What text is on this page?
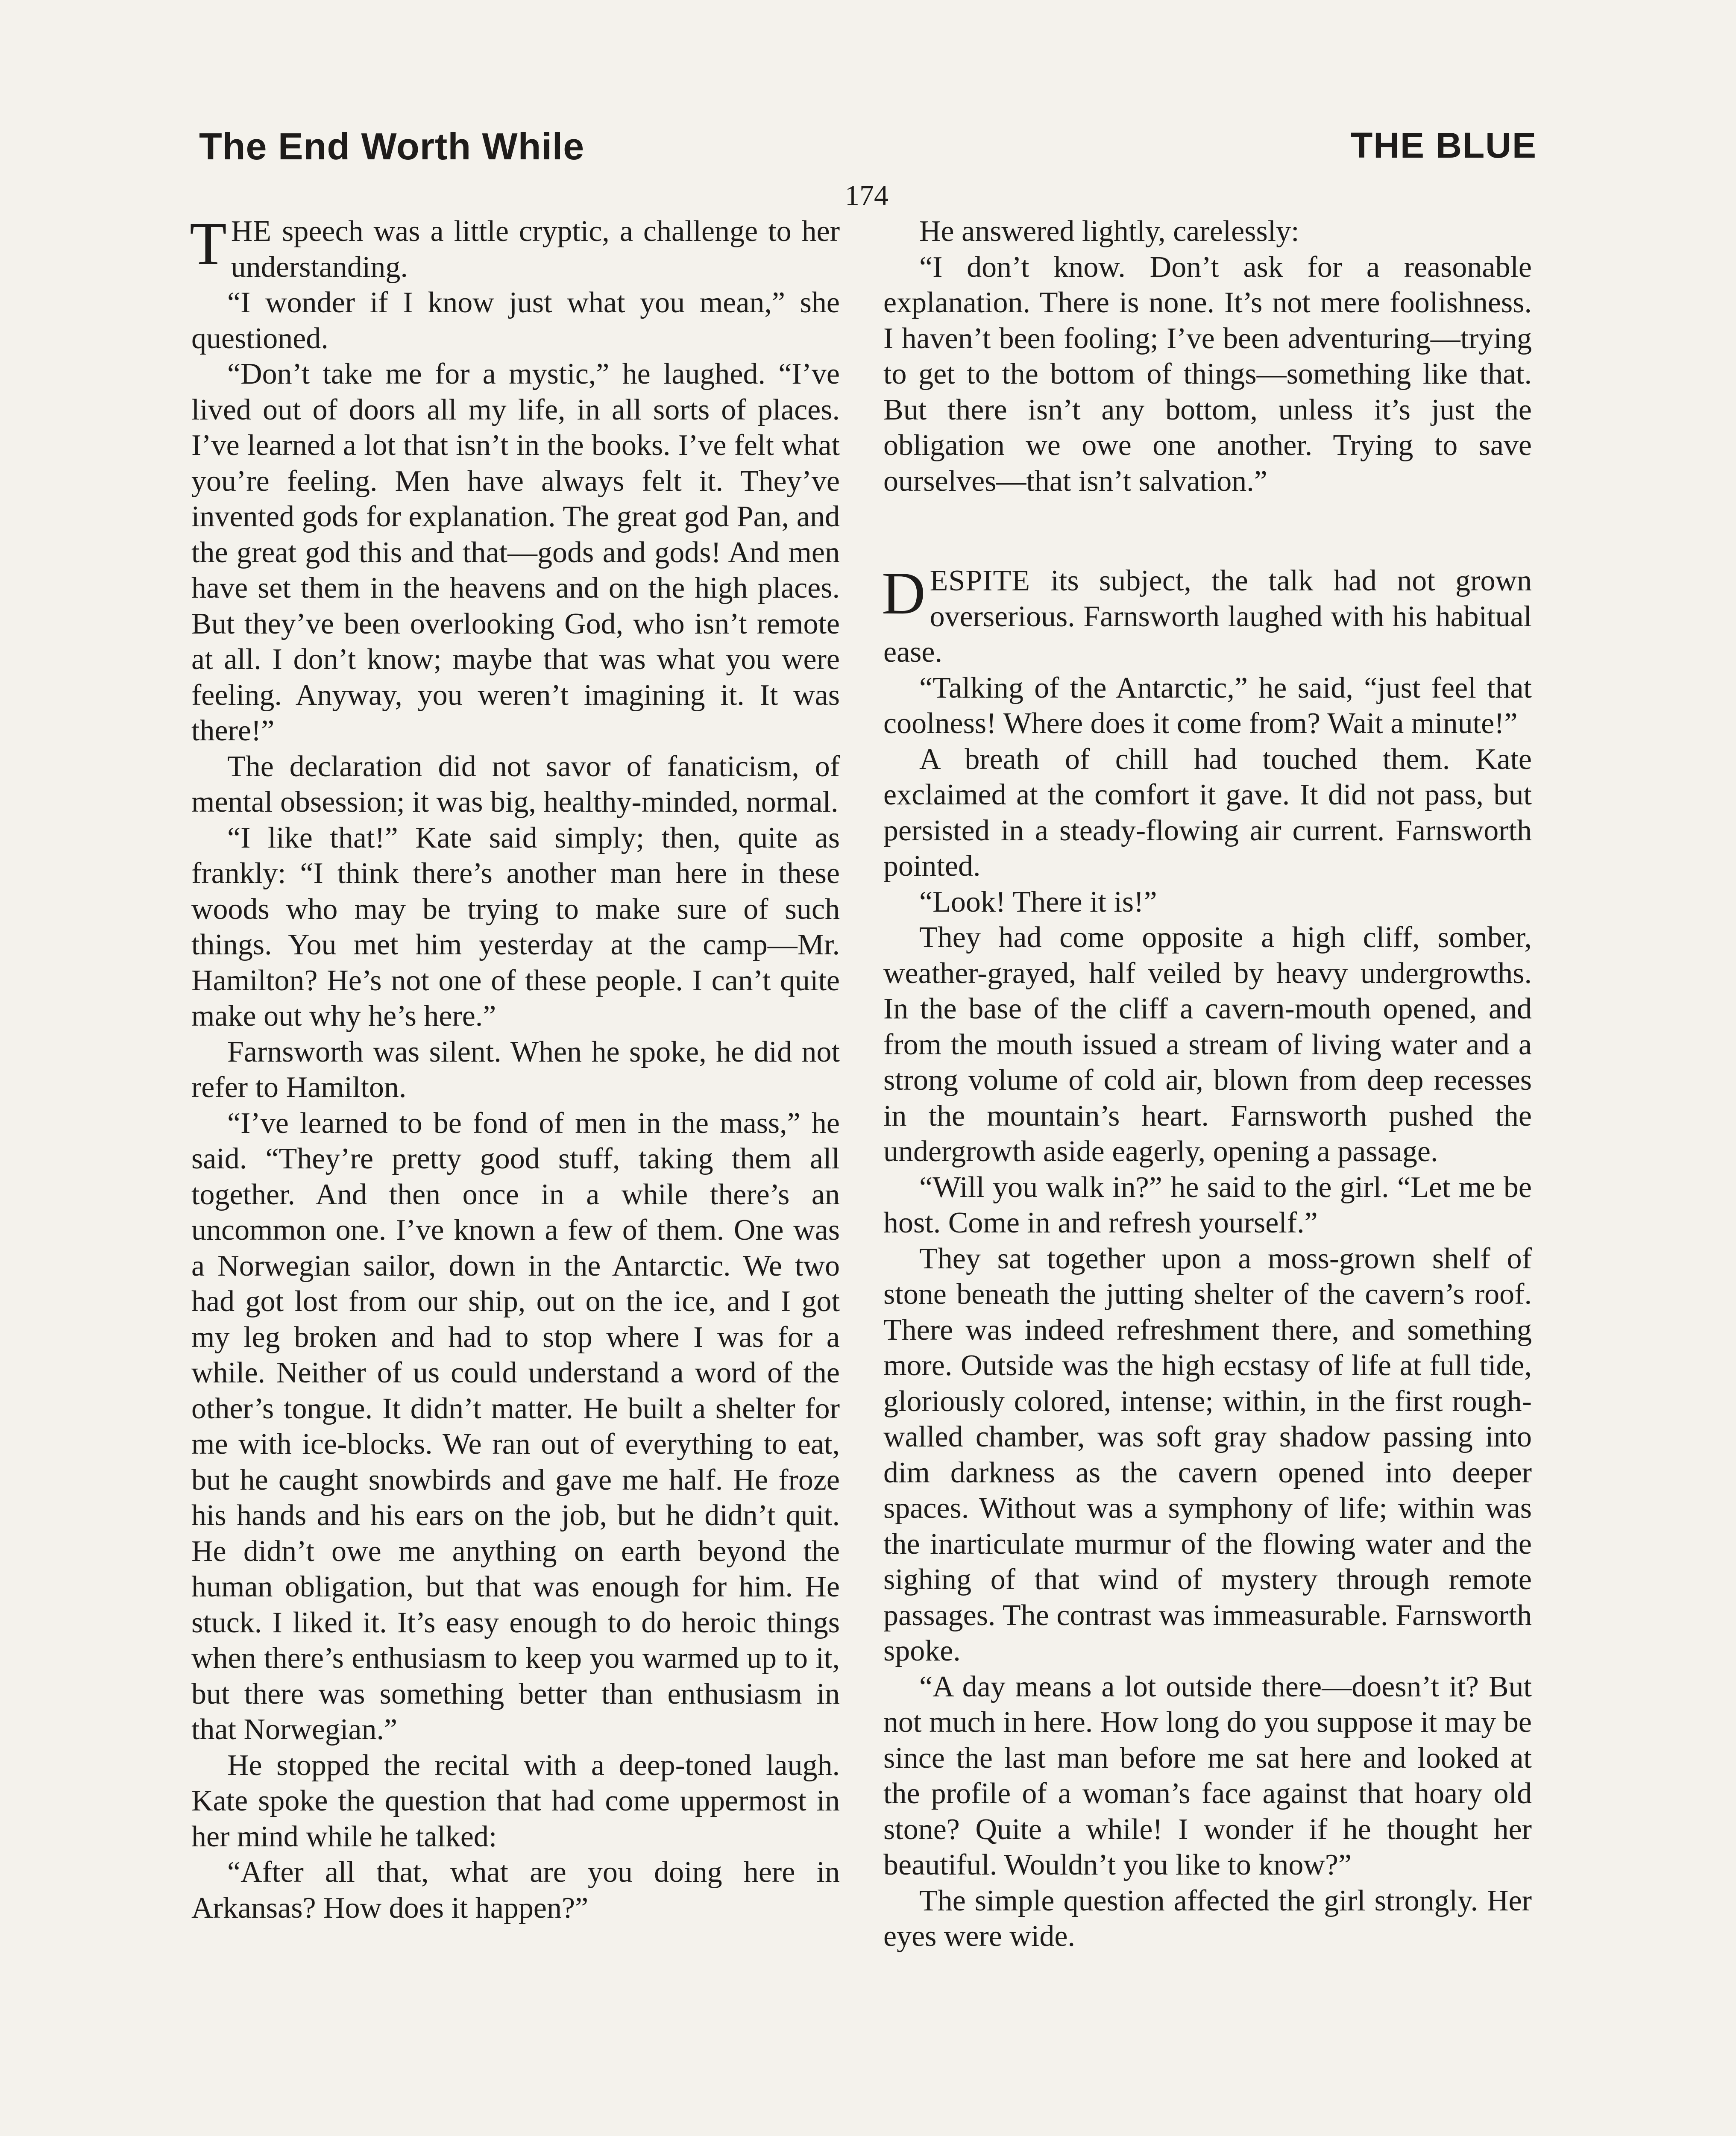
The End Worth While	THE BLUE
174

THE speech was a little cryptic, a challenge to her understanding.

“I wonder if I know just what you mean,” she questioned.

“Don’t take me for a mystic,” he laughed. “I’ve lived out of doors all my life, in all sorts of places. I’ve learned a lot that isn’t in the books. I’ve felt what you’re feeling. Men have always felt it. They’ve invented gods for explanation. The great god Pan, and the great god this and that—gods and gods! And men have set them in the heavens and on the high places. But they’ve been overlooking God, who isn’t remote at all. I don’t know; maybe that was what you were feeling. Anyway, you weren’t imagining it. It was there!”

The declaration did not savor of fanaticism, of mental obsession; it was big, healthy-minded, normal.

“I like that!” Kate said simply; then, quite as frankly: “I think there’s another man here in these woods who may be trying to make sure of such things. You met him yesterday at the camp—Mr. Hamilton? He’s not one of these people. I can’t quite make out why he’s here.”

Farnsworth was silent. When he spoke, he did not refer to Hamilton.

“I’ve learned to be fond of men in the mass,” he said. “They’re pretty good stuff, taking them all together. And then once in a while there’s an uncommon one. I’ve known a few of them. One was a Norwegian sailor, down in the Antarctic. We two had got lost from our ship, out on the ice, and I got my leg broken and had to stop where I was for a while. Neither of us could understand a word of the other’s tongue. It didn’t matter. He built a shelter for me with ice-blocks. We ran out of everything to eat, but he caught snowbirds and gave me half. He froze his hands and his ears on the job, but he didn’t quit. He didn’t owe me anything on earth beyond the human obligation, but that was enough for him. He stuck. I liked it. It’s easy enough to do heroic things when there’s enthusiasm to keep you warmed up to it, but there was something better than enthusiasm in that Norwegian.”

He stopped the recital with a deep-toned laugh. Kate spoke the question that had come uppermost in her mind while he talked:

“After all that, what are you doing here in Arkansas? How does it happen?”

He answered lightly, carelessly:

“I don’t know. Don’t ask for a reasonable explanation. There is none. It’s not mere foolishness. I haven’t been fooling; I’ve been adventuring—trying to get to the bottom of things—something like that. But there isn’t any bottom, unless it’s just the obligation we owe one another. Trying to save ourselves—that isn’t salvation.”

DESPITE its subject, the talk had not grown overserious. Farnsworth laughed with his habitual ease.

“Talking of the Antarctic,” he said, “just feel that coolness! Where does it come from? Wait a minute!”

A breath of chill had touched them. Kate exclaimed at the comfort it gave. It did not pass, but persisted in a steady-flowing air current. Farnsworth pointed.

“Look! There it is!”

They had come opposite a high cliff, somber, weather-grayed, half veiled by heavy undergrowths. In the base of the cliff a cavern-mouth opened, and from the mouth issued a stream of living water and a strong volume of cold air, blown from deep recesses in the mountain’s heart. Farnsworth pushed the undergrowth aside eagerly, opening a passage.

“Will you walk in?” he said to the girl. “Let me be host. Come in and refresh yourself.”

They sat together upon a moss-grown shelf of stone beneath the jutting shelter of the cavern’s roof. There was indeed refreshment there, and something more. Outside was the high ecstasy of life at full tide, gloriously colored, intense; within, in the first rough-walled chamber, was soft gray shadow passing into dim darkness as the cavern opened into deeper spaces. Without was a symphony of life; within was the inarticulate murmur of the flowing water and the sighing of that wind of mystery through remote passages. The contrast was immeasurable. Farnsworth spoke.

“A day means a lot outside there—doesn’t it? But not much in here. How long do you suppose it may be since the last man before me sat here and looked at the profile of a woman’s face against that hoary old stone? Quite a while! I wonder if he thought her beautiful. Wouldn’t you like to know?”

The simple question affected the girl strongly. Her eyes were wide.
